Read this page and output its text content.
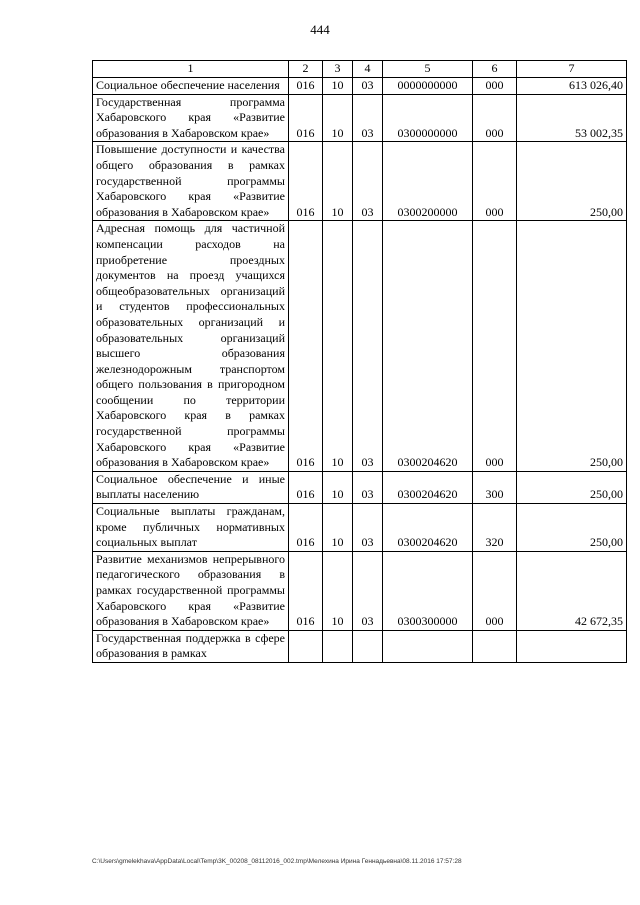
444
1	2	3	4	5	6	7
Социальное обеспечение населения	016	10	03	0000000000	000	613 026,40
Государственная программа Хабаровского края «Развитие образования в Хабаровском крае»	016	10	03	0300000000	000	53 002,35
Повышение доступности и качества общего образования в рамках государственной программы Хабаровского края «Развитие образования в Хабаровском крае»	016	10	03	0300200000	000	250,00
Адресная помощь для частичной компенсации расходов на приобретение проездных документов на проезд учащихся общеобразовательных организаций и студентов профессиональных образовательных организаций и образовательных организаций высшего образования железнодорожным транспортом общего пользования в пригородном сообщении по территории Хабаровского края в рамках государственной программы Хабаровского края «Развитие образования в Хабаровском крае»	016	10	03	0300204620	000	250,00
Социальное обеспечение и иные выплаты населению	016	10	03	0300204620	300	250,00
Социальные выплаты гражданам, кроме публичных нормативных социальных выплат	016	10	03	0300204620	320	250,00
Развитие механизмов непрерывного педагогического образования в рамках государственной программы Хабаровского края «Развитие образования в Хабаровском крае»	016	10	03	0300300000	000	42 672,35
Государственная поддержка в сфере образования в рамках						
C:\Users\gmelekhava\AppData\Local\Temp\3K_00208_08112016_002.tmp\Мелехина Ирина Геннадьевна\08.11.2016 17:57:28
